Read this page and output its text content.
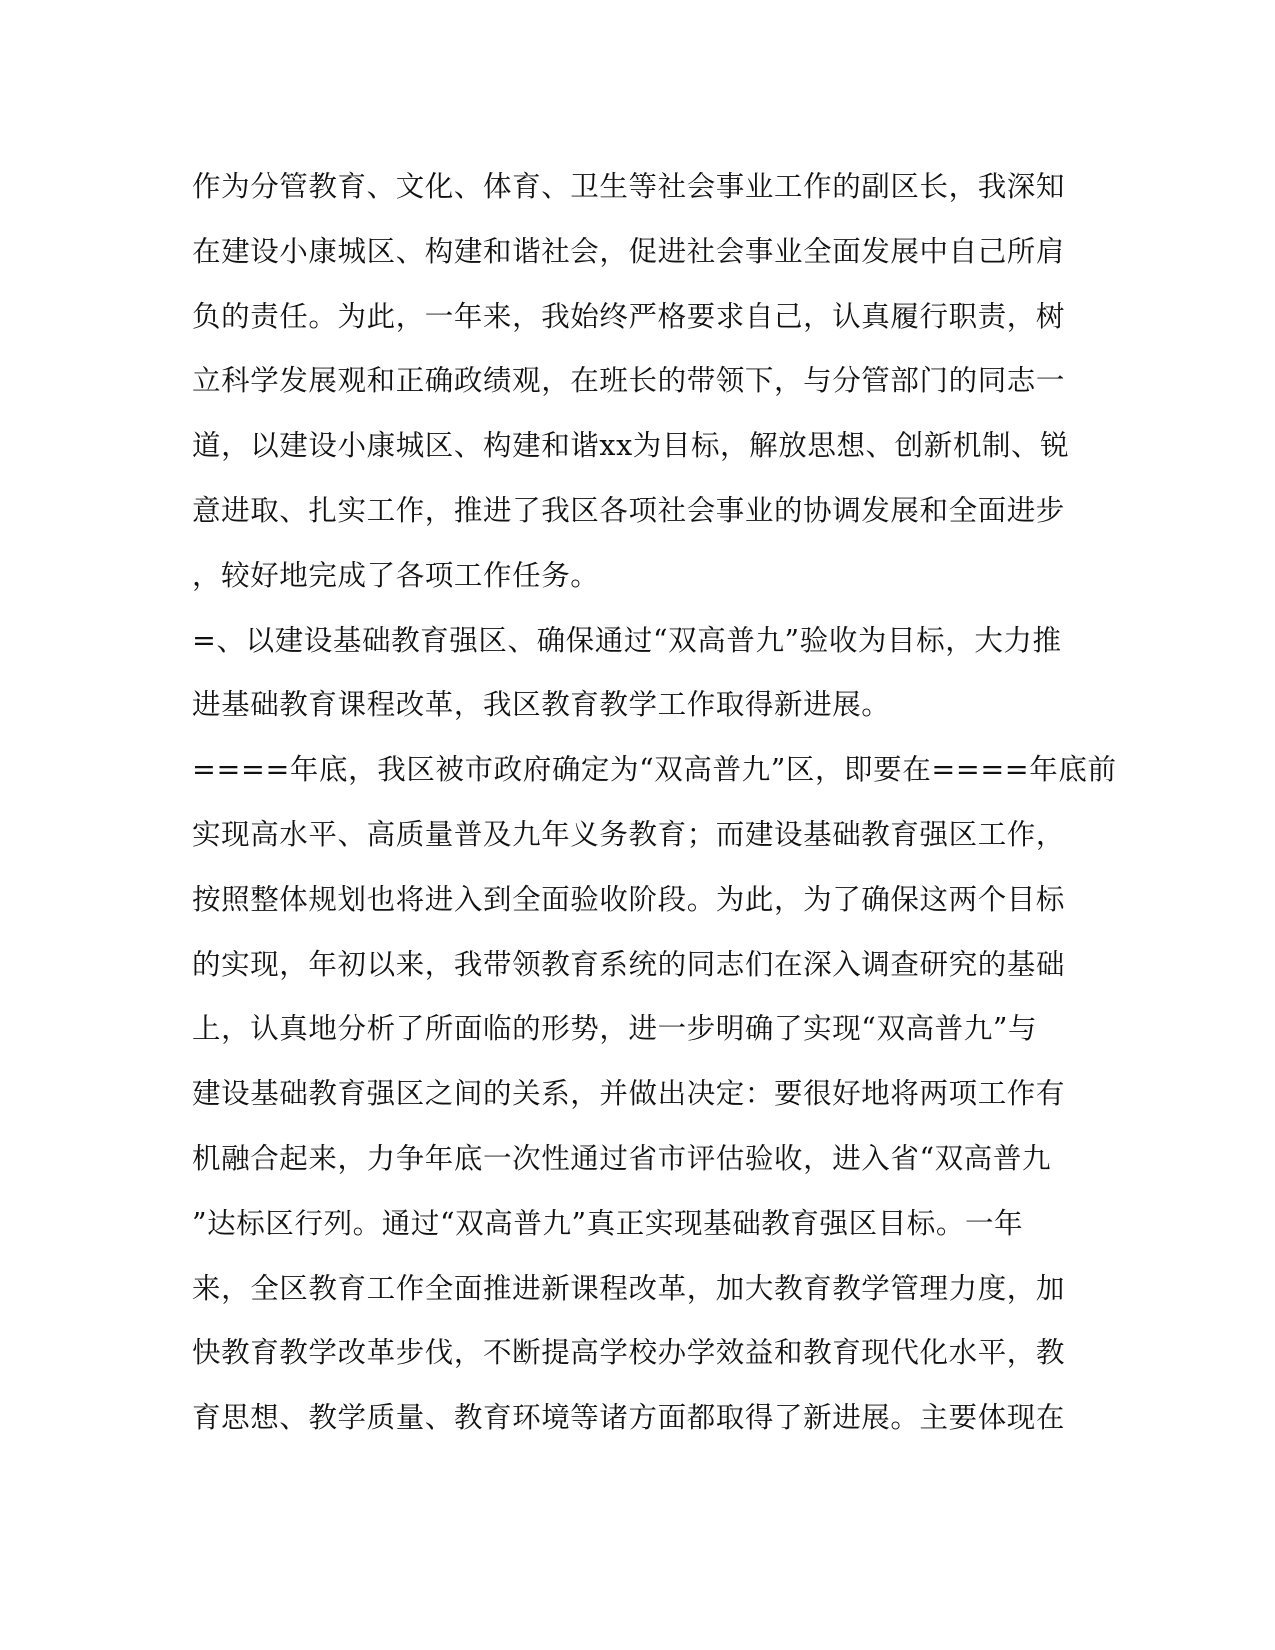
作为分管教育、文化、体育、卫生等社会事业工作的副区长，我深知
在建设小康城区、构建和谐社会，促进社会事业全面发展中自己所肩
负的责任。为此，一年来，我始终严格要求自己，认真履行职责，树
立科学发展观和正确政绩观，在班长的带领下，与分管部门的同志一
道，以建设小康城区、构建和谐xx为目标，解放思想、创新机制、锐
意进取、扎实工作，推进了我区各项社会事业的协调发展和全面进步
，较好地完成了各项工作任务。
=、以建设基础教育强区、确保通过“双高普九”验收为目标，大力推
进基础教育课程改革，我区教育教学工作取得新进展。
====年底，我区被市政府确定为“双高普九”区，即要在====年底前
实现高水平、高质量普及九年义务教育；而建设基础教育强区工作，
按照整体规划也将进入到全面验收阶段。为此，为了确保这两个目标
的实现，年初以来，我带领教育系统的同志们在深入调查研究的基础
上，认真地分析了所面临的形势，进一步明确了实现“双高普九”与
建设基础教育强区之间的关系，并做出决定：要很好地将两项工作有
机融合起来，力争年底一次性通过省市评估验收，进入省“双高普九
”达标区行列。通过“双高普九”真正实现基础教育强区目标。一年
来，全区教育工作全面推进新课程改革，加大教育教学管理力度，加
快教育教学改革步伐，不断提高学校办学效益和教育现代化水平，教
育思想、教学质量、教育环境等诸方面都取得了新进展。主要体现在
